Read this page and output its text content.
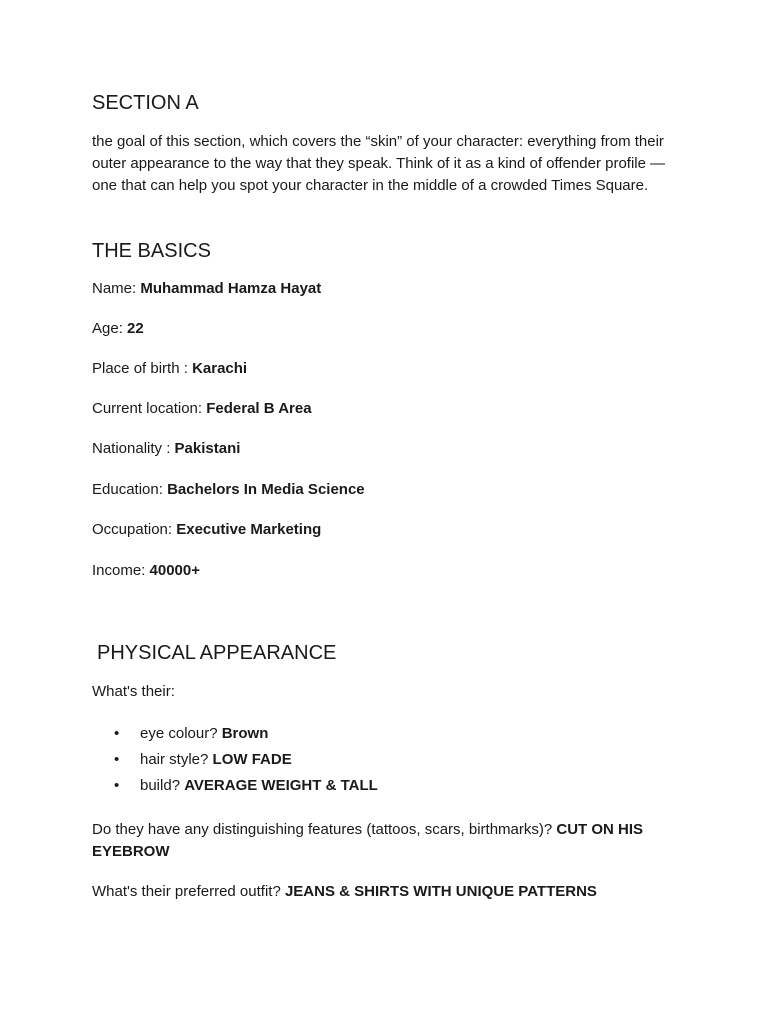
SECTION A

the goal of this section, which covers the “skin” of your character: everything from their outer appearance to the way that they speak. Think of it as a kind of offender profile — one that can help you spot your character in the middle of a crowded Times Square.

THE BASICS

Name: Muhammad Hamza Hayat

Age: 22

Place of birth : Karachi

Current location: Federal B Area

Nationality : Pakistani

Education: Bachelors In Media Science

Occupation: Executive Marketing

Income: 40000+

PHYSICAL APPEARANCE

What's their:

• eye colour? Brown
• hair style? LOW FADE
• build? AVERAGE WEIGHT & TALL

Do they have any distinguishing features (tattoos, scars, birthmarks)? CUT ON HIS EYEBROW

What's their preferred outfit? JEANS & SHIRTS WITH UNIQUE PATTERNS
